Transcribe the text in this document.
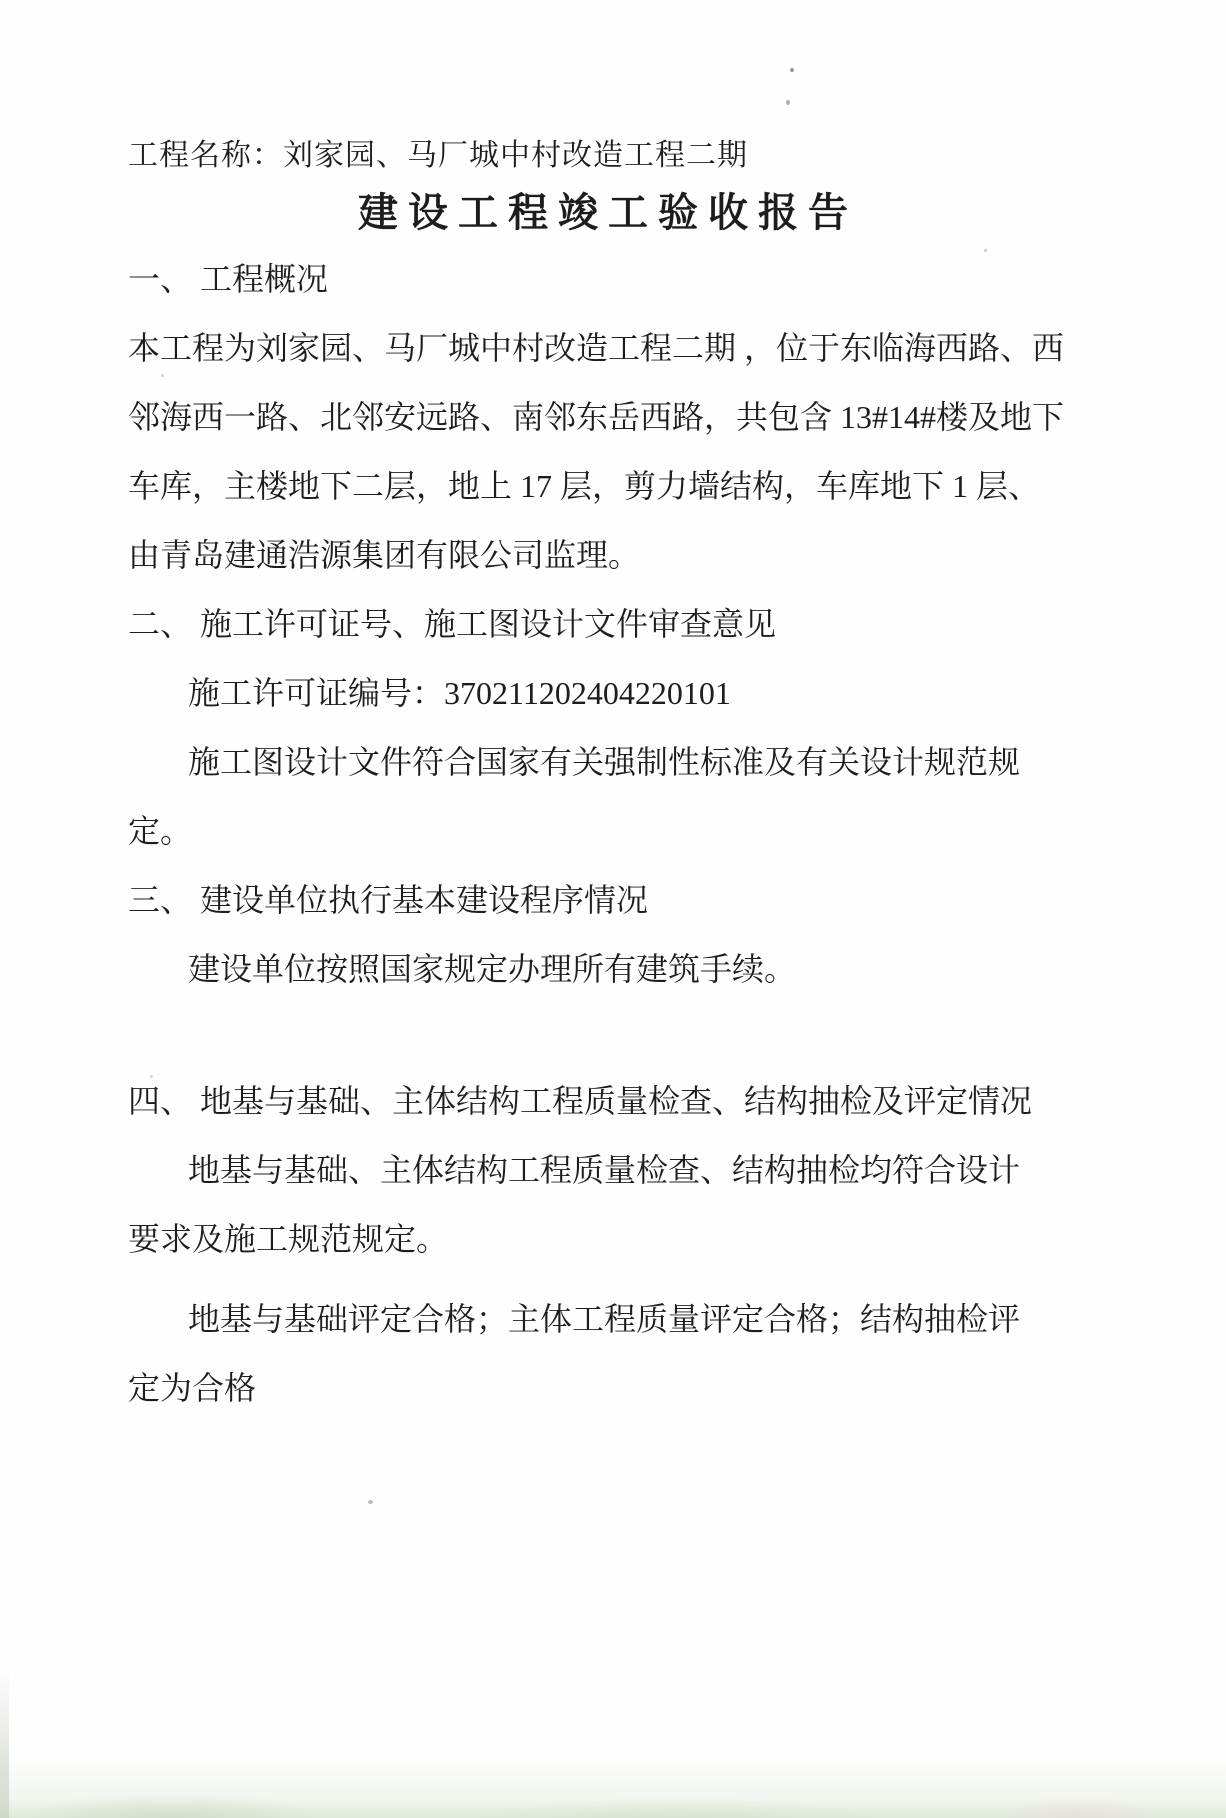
工程名称：刘家园、马厂城中村改造工程二期
建 设 工 程 竣 工 验 收 报 告
一、 工程概况
本工程为刘家园、马厂城中村改造工程二期 ，位于东临海西路、西
邻海西一路、北邻安远路、南邻东岳西路，共包含 13#14#楼及地下
车库，主楼地下二层，地上 17 层，剪力墙结构，车库地下 1 层、
由青岛建通浩源集团有限公司监理。
二、 施工许可证号、施工图设计文件审查意见
施工许可证编号：370211202404220101
施工图设计文件符合国家有关强制性标准及有关设计规范规
定。
三、 建设单位执行基本建设程序情况
建设单位按照国家规定办理所有建筑手续。
四、 地基与基础、主体结构工程质量检查、结构抽检及评定情况
地基与基础、主体结构工程质量检查、结构抽检均符合设计
要求及施工规范规定。
地基与基础评定合格；主体工程质量评定合格；结构抽检评
定为合格
